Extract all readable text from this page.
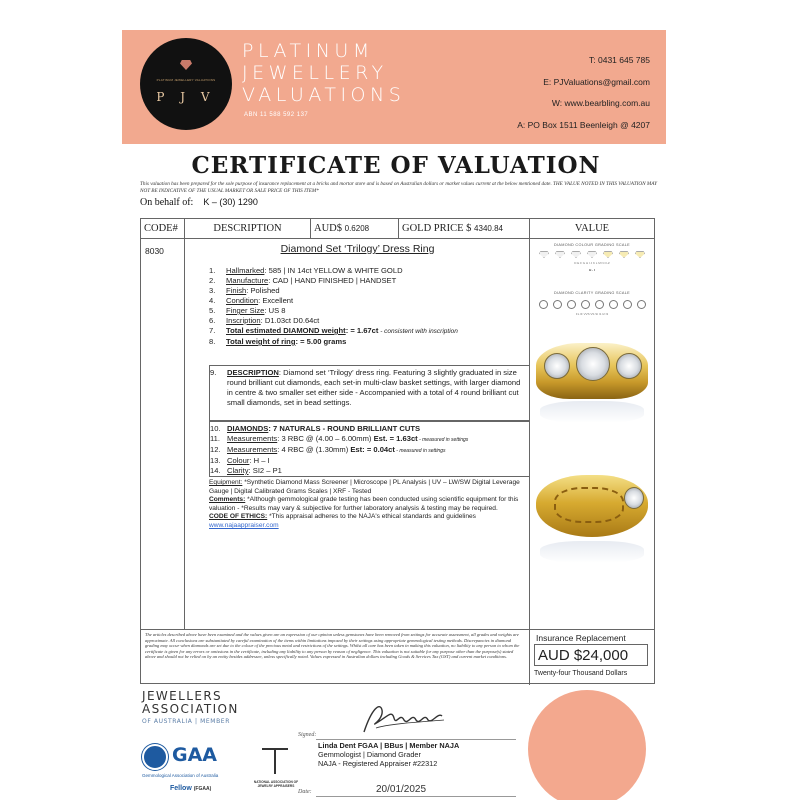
PLATINUM JEWELLERY VALUATIONS
P J V
PLATINUM
JEWELLERY
VALUATIONS
ABN 11 588 592 137
T: 0431 645 785
E: PJValuations@gmail.com
W: www.bearbling.com.au
A: PO Box 1511 Beenleigh @ 4207
CERTIFICATE OF VALUATION
This valuation has been prepared for the sole purpose of insurance replacement at a bricks and mortar store and is based on Australian dollars or market values current at the below mentioned date. THE VALUE NOTED IN THIS VALUATION MAY NOT BE INDICATIVE OF THE USUAL MARKET OR SALE PRICE OF THIS ITEM*
On behalf of: K – (30) 1290
CODE#	DESCRIPTION	AUD$ 0.6208	GOLD PRICE $ 4340.84	VALUE
8030	Diamond Set ‘Trilogy’ Dress Ring
1. Hallmarked: 585 | IN 14ct YELLOW & WHITE GOLD
2. Manufacture: CAD | HAND FINISHED | HANDSET
3. Finish: Polished
4. Condition: Excellent
5. Finger Size: US 8
6. Inscription: D1.03ct D0.64ct
7. Total estimated DIAMOND weight: = 1.67ct - consistent with inscription
8. Total weight of ring: = 5.00 grams
9.	DESCRIPTION: Diamond set ‘Trilogy’ dress ring. Featuring 3 slightly graduated in size round brilliant cut diamonds, each set-in multi-claw basket settings, with larger diamond in centre & two smaller set either side - Accompanied with a total of 4 round brilliant cut small diamonds, set in bead settings.
10. DIAMONDS: 7 NATURALS - ROUND BRILLIANT CUTS
11. Measurements: 3 RBC @ (4.00 – 6.00mm) Est. = 1.63ct - measured in settings
12. Measurements: 4 RBC @ (1.30mm) Est: = 0.04ct - measured in settings
13. Colour: H – I
14. Clarity: SI2 – P1
Equipment: *Synthetic Diamond Mass Screener | Microscope | PL Analysis | UV – LW/SW Digital Leverage Gauge | Digital Calibrated Grams Scales | XRF - Tested
Comments: *Although gemmological grade testing has been conducted using scientific equipment for this valuation - *Results may vary & subjective for further laboratory analysis & testing may be required.
CODE OF ETHICS: *This appraisal adheres to the NAJA's ethical standards and guidelines
www.najaappraiser.com
DIAMOND COLOUR GRADING SCALE
D E F G H I J K L M N O-Z
H - I
DIAMOND CLARITY GRADING SCALE
FL IF VVS VS SI I1 I2 I3
The articles described above have been examined and the values given are an expression of our opinion unless gemstones have been removed from settings for accurate assessment, all grades and weights are approximate. All conclusions are substantiated by careful examination of the items within limitations imposed by their settings using appropriate gemmological testing methods. Discrepancies in diamond grading may occur when diamonds are set due to the colour of the precious metal and restrictions of the settings. Whilst all care has been taken in making this valuation, no liability to any person to whom the certificate is given for any errors or omissions in the certificate, including any liability to any person by reason of negligence. This valuation is not suitable for any purpose other than the purpose(s) stated above and should not be relied on by an entity besides addressee, unless specifically noted. Values expressed in Australian dollars including Goods & Services Tax (GST) and current market conditions.
Insurance Replacement
AUD $24,000
Twenty-four Thousand Dollars
JEWELLERS
ASSOCIATION
OF AUSTRALIA | MEMBER
GAA
Gemmological Association of Australia
Fellow (FGAA)
NATIONAL ASSOCIATION OF JEWELRY APPRAISERS
Signed:
Linda Dent FGAA | BBus | Member NAJA
Gemmologist | Diamond Grader
NAJA - Registered Appraiser #22312
Date:	20/01/2025
